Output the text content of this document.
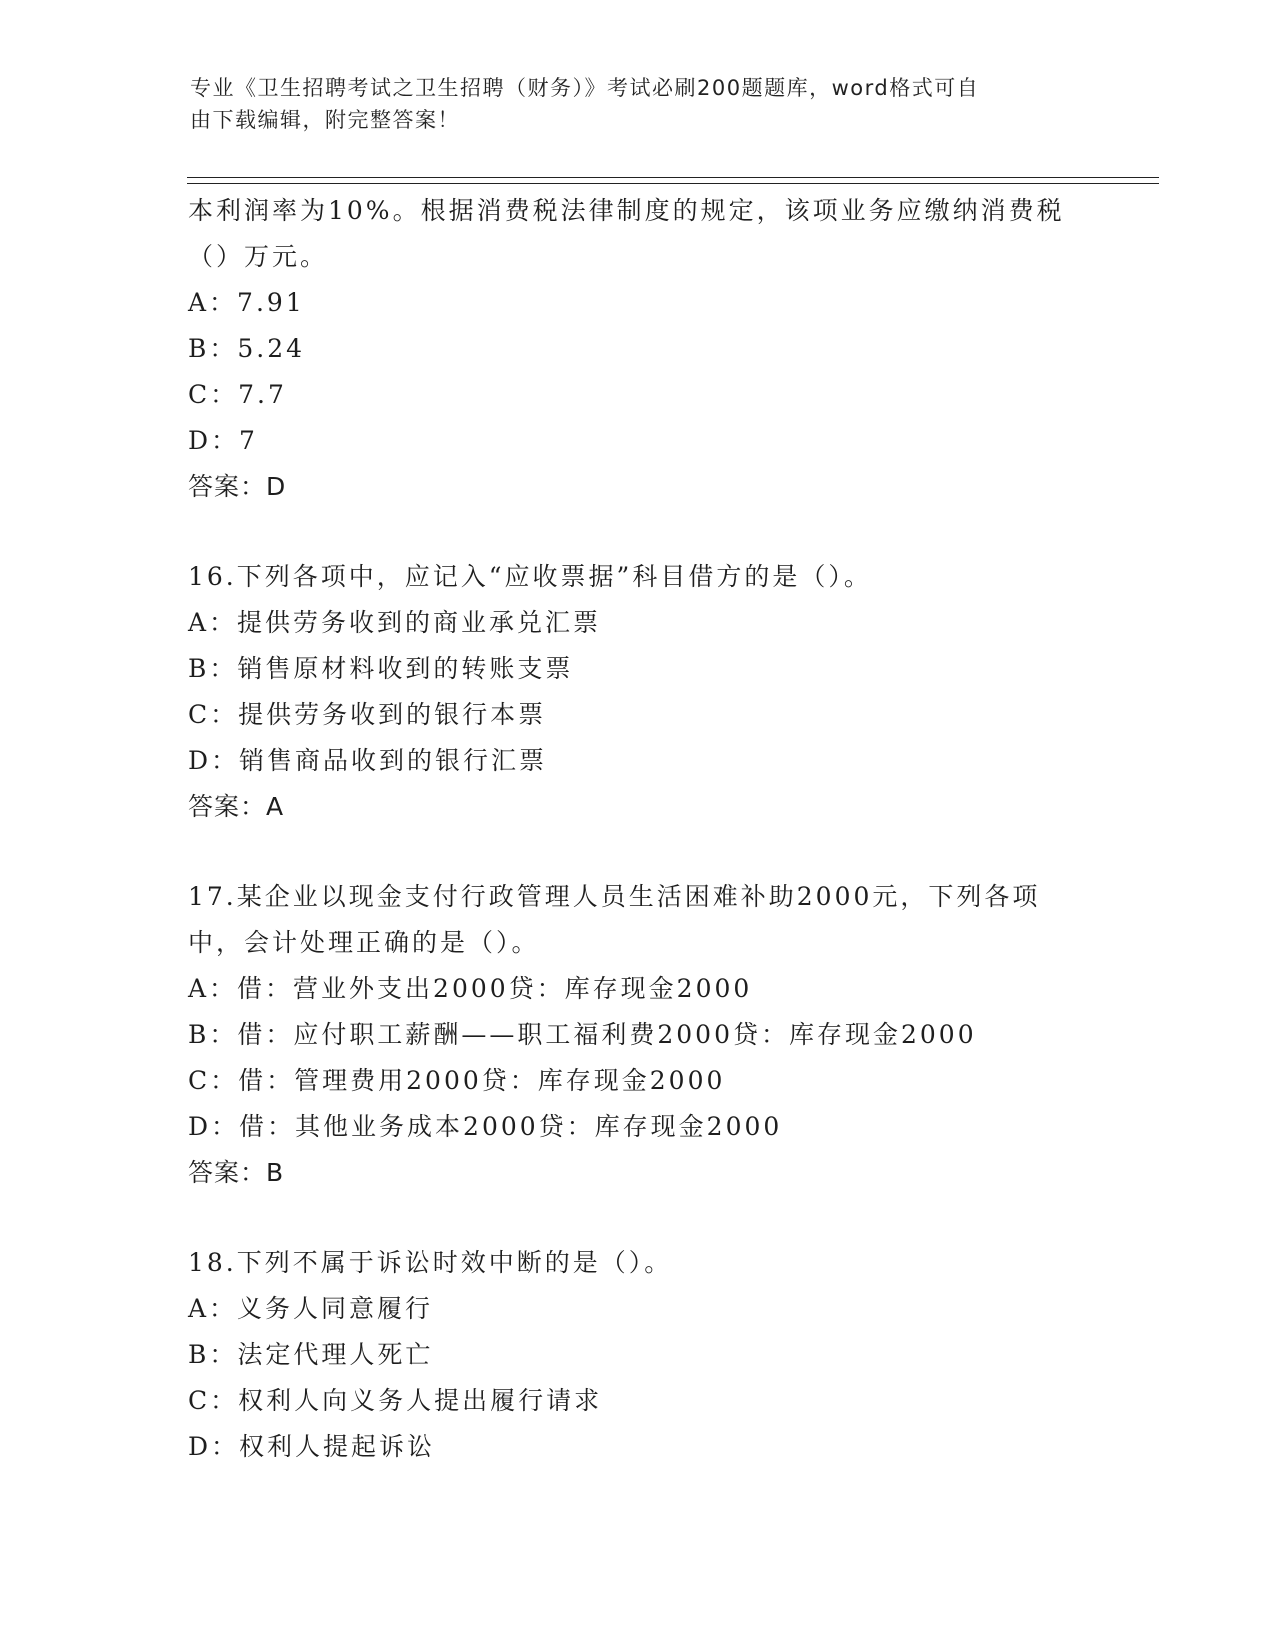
专业《卫生招聘考试之卫生招聘（财务）》考试必刷200题题库，word格式可自
由下载编辑，附完整答案！
本利润率为10%。根据消费税法律制度的规定，该项业务应缴纳消费税
（）万元。
A：7.91
B：5.24
C：7.7
D：7
答案：D
16.下列各项中，应记入“应收票据”科目借方的是（）。
A：提供劳务收到的商业承兑汇票
B：销售原材料收到的转账支票
C：提供劳务收到的银行本票
D：销售商品收到的银行汇票
答案：A
17.某企业以现金支付行政管理人员生活困难补助2000元，下列各项
中，会计处理正确的是（）。
A：借：营业外支出2000贷：库存现金2000
B：借：应付职工薪酬——职工福利费2000贷：库存现金2000
C：借：管理费用2000贷：库存现金2000
D：借：其他业务成本2000贷：库存现金2000
答案：B
18.下列不属于诉讼时效中断的是（）。
A：义务人同意履行
B：法定代理人死亡
C：权利人向义务人提出履行请求
D：权利人提起诉讼
